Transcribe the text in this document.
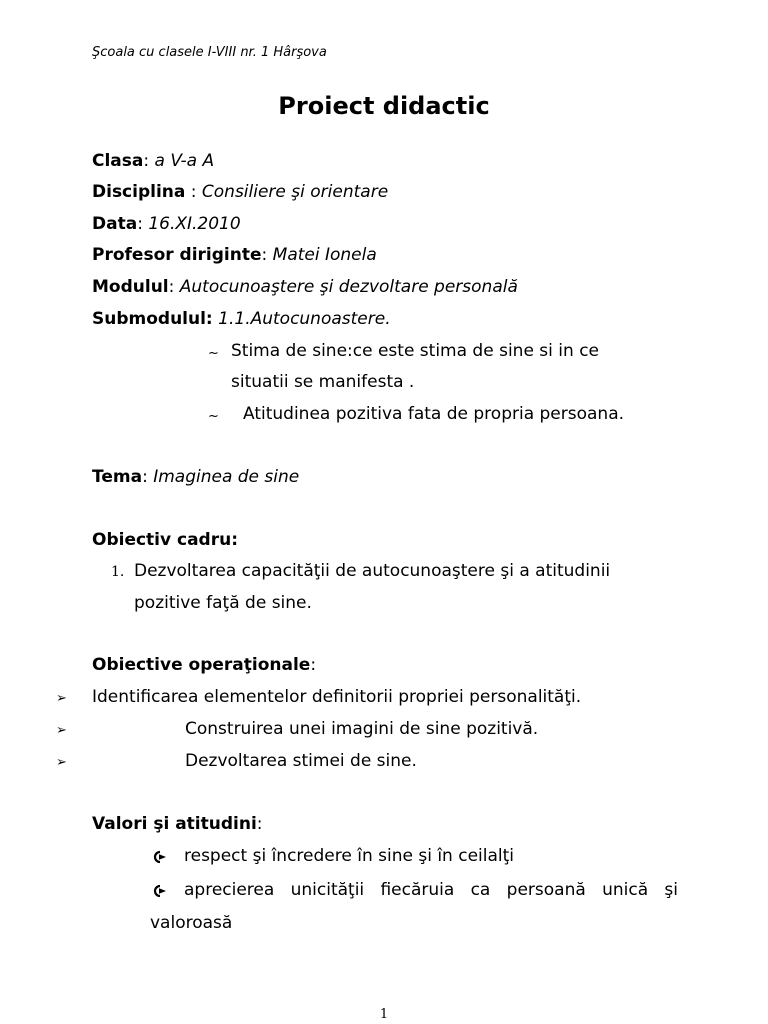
Şcoala cu clasele I-VIII nr. 1 Hârşova
Proiect didactic
Clasa: a V-a A
Disciplina : Consiliere şi orientare
Data: 16.XI.2010
Profesor diriginte: Matei Ionela
Modulul: Autocunoaştere şi dezvoltare personală
Submodulul: 1.1.Autocunoastere.
~ Stima de sine:ce este stima de sine si in ce
situatii se manifesta .
~ Atitudinea pozitiva fata de propria persoana.
Tema: Imaginea de sine
Obiectiv cadru:
1. Dezvoltarea capacităţii de autocunoaştere şi a atitudinii
pozitive faţă de sine.
Obiective operaţionale:
➢ Identificarea elementelor definitorii propriei personalităţi.
➢	Construirea unei imagini de sine pozitivă.
➢	Dezvoltarea stimei de sine.
Valori şi atitudini:
respect şi încredere în sine şi în ceilalţi
aprecierea unicităţii fiecăruia ca persoană unică şi
valoroasă
1
